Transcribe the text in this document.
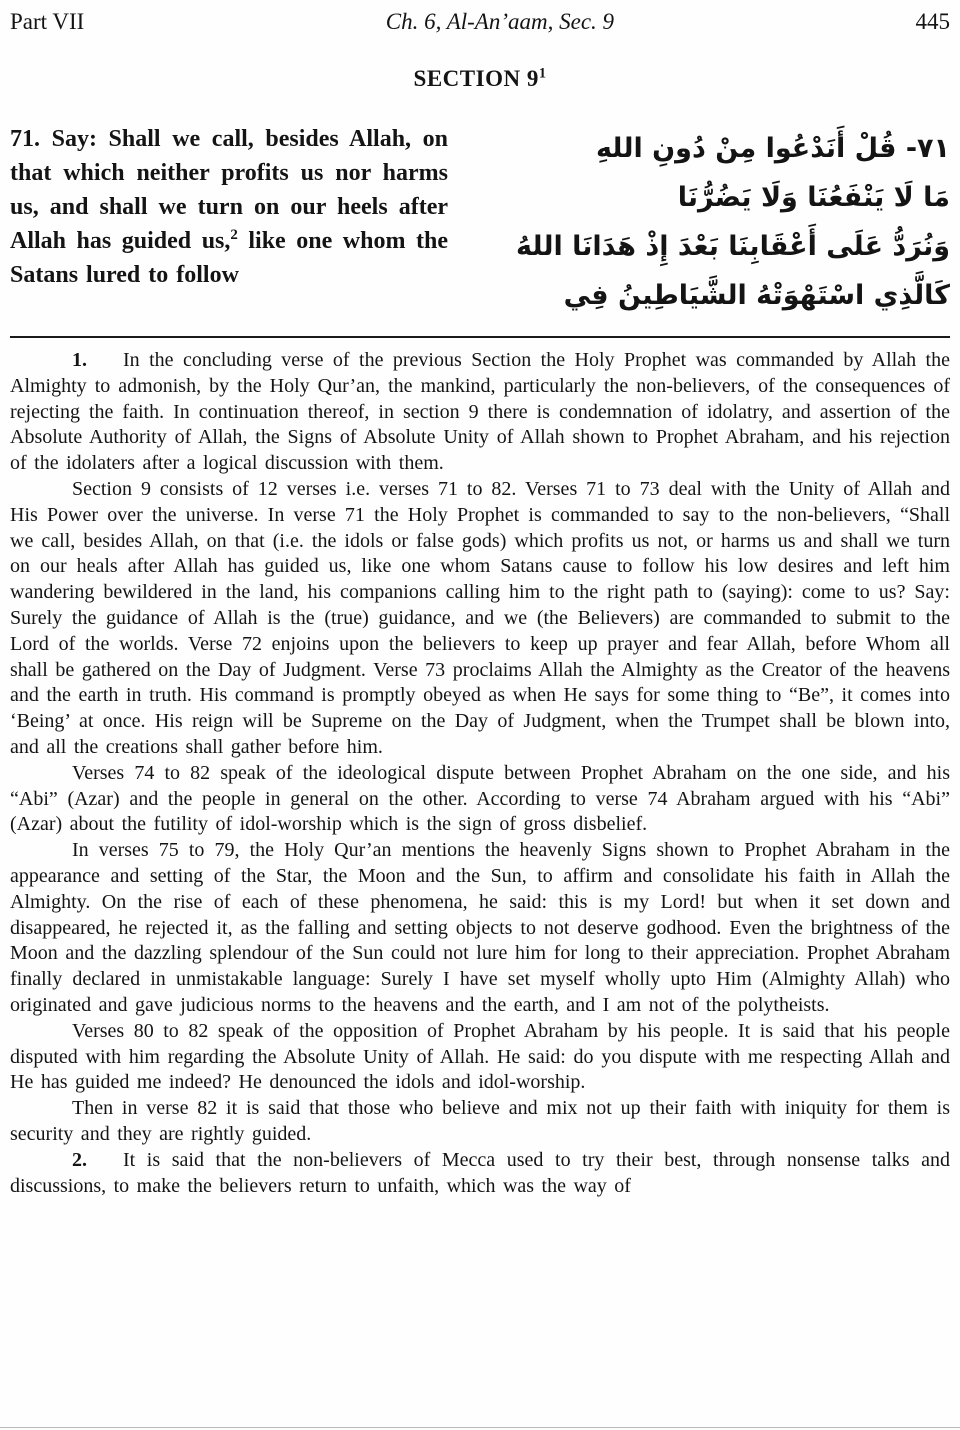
Part VII	Ch. 6, Al-An’aam, Sec. 9	445
SECTION $9^1$
71. Say: Shall we call, besides Allah, on that which neither profits us nor harms us, and shall we turn on our heels after Allah has guided us,$^2$ like one whom the Satans lured to follow
٧١- قُلْ أَنَدْعُوا مِنْ دُونِ اللهِ
مَا لَا يَنْفَعُنَا وَلَا يَضُرُّنَا
وَنُرَدُّ عَلَى أَعْقَابِنَا بَعْدَ إِذْ هَدَانَا اللهُ
كَالَّذِي اسْتَهْوَتْهُ الشَّيَاطِينُ فِي

1. In the concluding verse of the previous Section the Holy Prophet was commanded by Allah the Almighty to admonish, by the Holy Qur’an, the mankind, particularly the non-believers, of the consequences of rejecting the faith. In continuation thereof, in section 9 there is condemnation of idolatry, and assertion of the Absolute Authority of Allah, the Signs of Absolute Unity of Allah shown to Prophet Abraham, and his rejection of the idolaters after a logical discussion with them.

Section 9 consists of 12 verses i.e. verses 71 to 82. Verses 71 to 73 deal with the Unity of Allah and His Power over the universe. In verse 71 the Holy Prophet is commanded to say to the non-believers, “Shall we call, besides Allah, on that (i.e. the idols or false gods) which profits us not, or harms us and shall we turn on our heals after Allah has guided us, like one whom Satans cause to follow his low desires and left him wandering bewildered in the land, his companions calling him to the right path to (saying): come to us? Say: Surely the guidance of Allah is the (true) guidance, and we (the Believers) are commanded to submit to the Lord of the worlds. Verse 72 enjoins upon the believers to keep up prayer and fear Allah, before Whom all shall be gathered on the Day of Judgment. Verse 73 proclaims Allah the Almighty as the Creator of the heavens and the earth in truth. His command is promptly obeyed as when He says for some thing to “Be”, it comes into ‘Being’ at once. His reign will be Supreme on the Day of Judgment, when the Trumpet shall be blown into, and all the creations shall gather before him.

Verses 74 to 82 speak of the ideological dispute between Prophet Abraham on the one side, and his “Abi” (Azar) and the people in general on the other. According to verse 74 Abraham argued with his “Abi” (Azar) about the futility of idol-worship which is the sign of gross disbelief.

In verses 75 to 79, the Holy Qur’an mentions the heavenly Signs shown to Prophet Abraham in the appearance and setting of the Star, the Moon and the Sun, to affirm and consolidate his faith in Allah the Almighty. On the rise of each of these phenomena, he said: this is my Lord! but when it set down and disappeared, he rejected it, as the falling and setting objects to not deserve godhood. Even the brightness of the Moon and the dazzling splendour of the Sun could not lure him for long to their appreciation. Prophet Abraham finally declared in unmistakable language: Surely I have set myself wholly upto Him (Almighty Allah) who originated and gave judicious norms to the heavens and the earth, and I am not of the polytheists.

Verses 80 to 82 speak of the opposition of Prophet Abraham by his people. It is said that his people disputed with him regarding the Absolute Unity of Allah. He said: do you dispute with me respecting Allah and He has guided me indeed? He denounced the idols and idol-worship.

Then in verse 82 it is said that those who believe and mix not up their faith with iniquity for them is security and they are rightly guided.

2. It is said that the non-believers of Mecca used to try their best, through nonsense talks and discussions, to make the believers return to unfaith, which was the way of
